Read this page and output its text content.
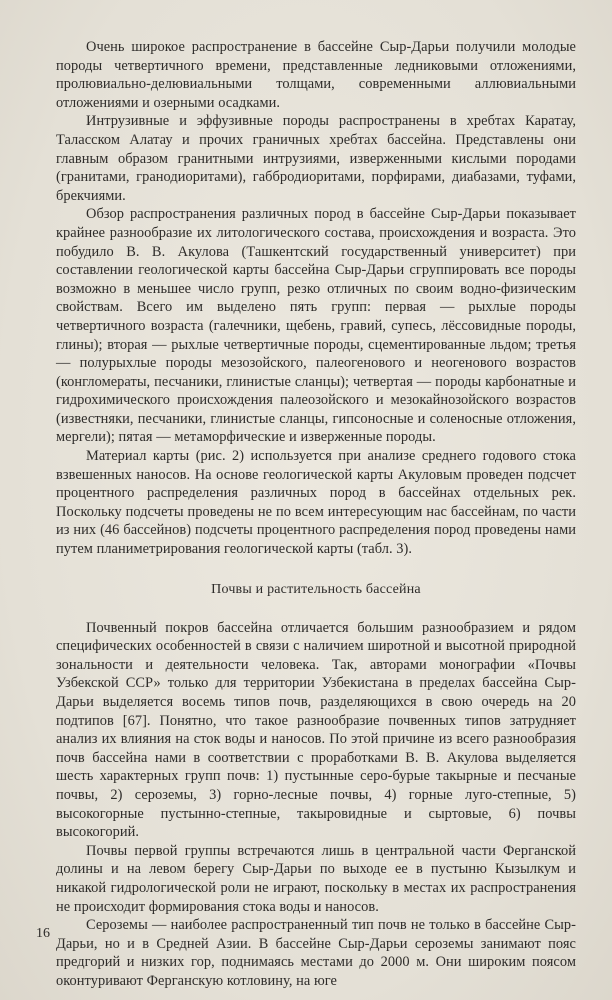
Очень широкое распространение в бассейне Сыр-Дарьи получили молодые породы четвертичного времени, представленные ледниковыми отложениями, пролювиально-делювиальными толщами, современными аллювиальными отложениями и озерными осадками.

Интрузивные и эффузивные породы распространены в хребтах Каратау, Таласском Алатау и прочих граничных хребтах бассейна. Представлены они главным образом гранитными интрузиями, изверженными кислыми породами (гранитами, гранодиоритами), габбродиоритами, порфирами, диабазами, туфами, брекчиями.

Обзор распространения различных пород в бассейне Сыр-Дарьи показывает крайнее разнообразие их литологического состава, происхождения и возраста. Это побудило В. В. Акулова (Ташкентский государственный университет) при составлении геологической карты бассейна Сыр-Дарьи сгруппировать все породы возможно в меньшее число групп, резко отличных по своим водно-физическим свойствам. Всего им выделено пять групп: первая — рыхлые породы четвертичного возраста (галечники, щебень, гравий, супесь, лёссовидные породы, глины); вторая — рыхлые четвертичные породы, сцементированные льдом; третья — полурыхлые породы мезозойского, палеогенового и неогенового возрастов (конгломераты, песчаники, глинистые сланцы); четвертая — породы карбонатные и гидрохимического происхождения палеозойского и мезокайнозойского возрастов (известняки, песчаники, глинистые сланцы, гипсоносные и соленосные отложения, мергели); пятая — метаморфические и изверженные породы.

Материал карты (рис. 2) используется при анализе среднего годового стока взвешенных наносов. На основе геологической карты Акуловым проведен подсчет процентного распределения различных пород в бассейнах отдельных рек. Поскольку подсчеты проведены не по всем интересующим нас бассейнам, по части из них (46 бассейнов) подсчеты процентного распределения пород проведены нами путем планиметрирования геологической карты (табл. 3).

Почвы и растительность бассейна

Почвенный покров бассейна отличается большим разнообразием и рядом специфических особенностей в связи с наличием широтной и высотной природной зональности и деятельности человека. Так, авторами монографии «Почвы Узбекской ССР» только для территории Узбекистана в пределах бассейна Сыр-Дарьи выделяется восемь типов почв, разделяющихся в свою очередь на 20 подтипов [67]. Понятно, что такое разнообразие почвенных типов затрудняет анализ их влияния на сток воды и наносов. По этой причине из всего разнообразия почв бассейна нами в соответствии с проработками В. В. Акулова выделяется шесть характерных групп почв: 1) пустынные серо-бурые такырные и песчаные почвы, 2) сероземы, 3) горно-лесные почвы, 4) горные луго-степные, 5) высокогорные пустынно-степные, такыровидные и сыртовые, 6) почвы высокогорий.

Почвы первой группы встречаются лишь в центральной части Ферганской долины и на левом берегу Сыр-Дарьи по выходе ее в пустыню Кызылкум и никакой гидрологической роли не играют, поскольку в местах их распространения не происходит формирования стока воды и наносов.

Сероземы — наиболее распространенный тип почв не только в бассейне Сыр-Дарьи, но и в Средней Азии. В бассейне Сыр-Дарьи сероземы занимают пояс предгорий и низких гор, поднимаясь местами до 2000 м. Они широким поясом оконтуривают Ферганскую котловину, на юге

16
